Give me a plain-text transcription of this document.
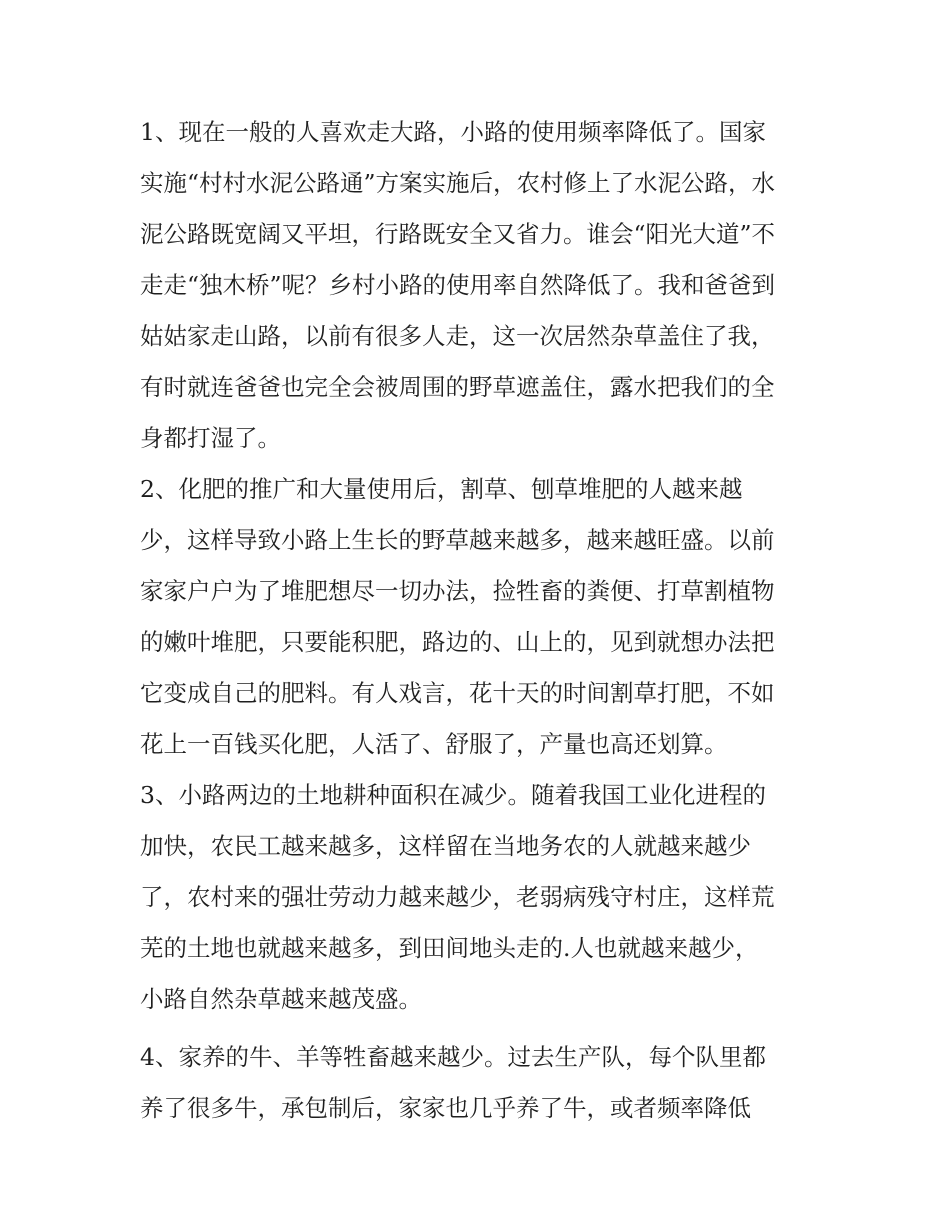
1、现在一般的人喜欢走大路，小路的使用频率降低了。国家
实施“村村水泥公路通”方案实施后，农村修上了水泥公路，水
泥公路既宽阔又平坦，行路既安全又省力。谁会“阳光大道”不
走走“独木桥”呢？乡村小路的使用率自然降低了。我和爸爸到
姑姑家走山路，以前有很多人走，这一次居然杂草盖住了我，
有时就连爸爸也完全会被周围的野草遮盖住，露水把我们的全
身都打湿了。
2、化肥的推广和大量使用后，割草、刨草堆肥的人越来越
少，这样导致小路上生长的野草越来越多，越来越旺盛。以前
家家户户为了堆肥想尽一切办法，捡牲畜的粪便、打草割植物
的嫩叶堆肥，只要能积肥，路边的、山上的，见到就想办法把
它变成自己的肥料。有人戏言，花十天的时间割草打肥，不如
花上一百钱买化肥，人活了、舒服了，产量也高还划算。
3、小路两边的土地耕种面积在减少。随着我国工业化进程的
加快，农民工越来越多，这样留在当地务农的人就越来越少
了，农村来的强壮劳动力越来越少，老弱病残守村庄，这样荒
芜的土地也就越来越多，到田间地头走的.人也就越来越少，
小路自然杂草越来越茂盛。
4、家养的牛、羊等牲畜越来越少。过去生产队，每个队里都
养了很多牛，承包制后，家家也几乎养了牛，或者频率降低
